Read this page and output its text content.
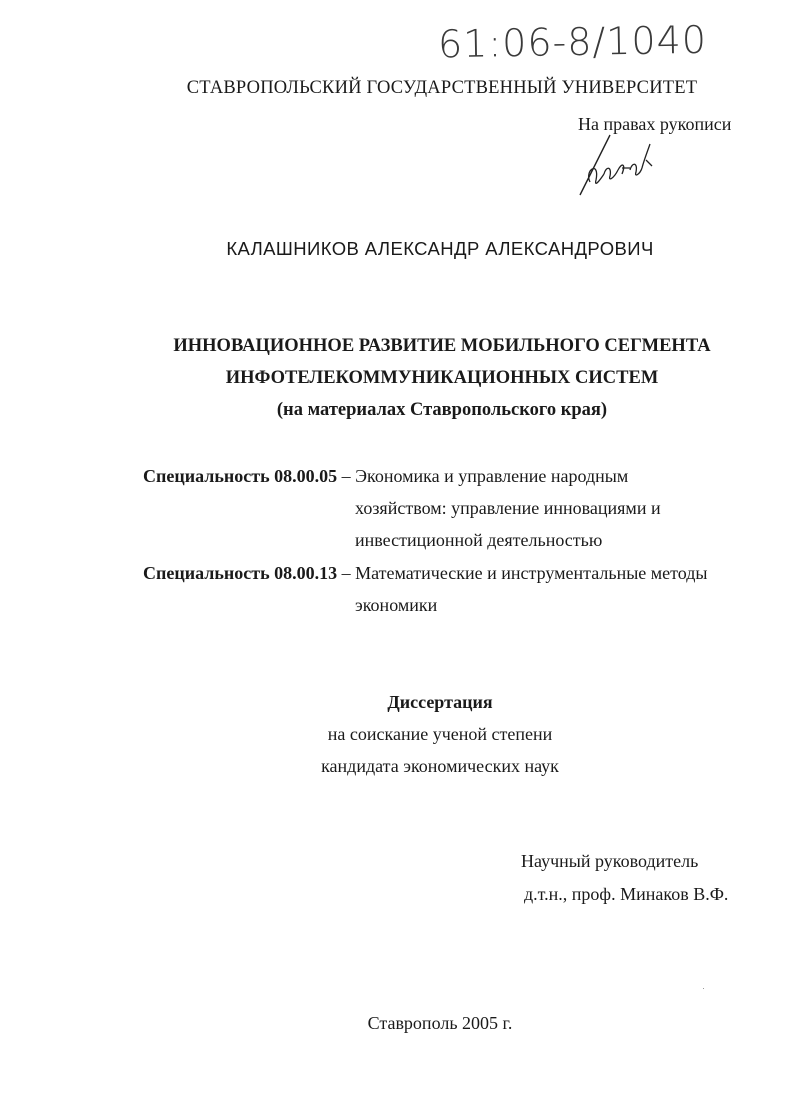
61:06-8/1040
СТАВРОПОЛЬСКИЙ ГОСУДАРСТВЕННЫЙ УНИВЕРСИТЕТ
На правах рукописи
КАЛАШНИКОВ АЛЕКСАНДР АЛЕКСАНДРОВИЧ
ИННОВАЦИОННОЕ РАЗВИТИЕ МОБИЛЬНОГО СЕГМЕНТА
ИНФОТЕЛЕКОММУНИКАЦИОННЫХ СИСТЕМ
(на материалах Ставропольского края)
Специальность 08.00.05 – Экономика и управление народным
хозяйством: управление инновациями и
инвестиционной деятельностью
Специальность 08.00.13 – Математические и инструментальные методы
экономики
Диссертация
на соискание ученой степени
кандидата экономических наук
Научный руководитель
д.т.н., проф. Минаков В.Ф.
Ставрополь 2005 г.
